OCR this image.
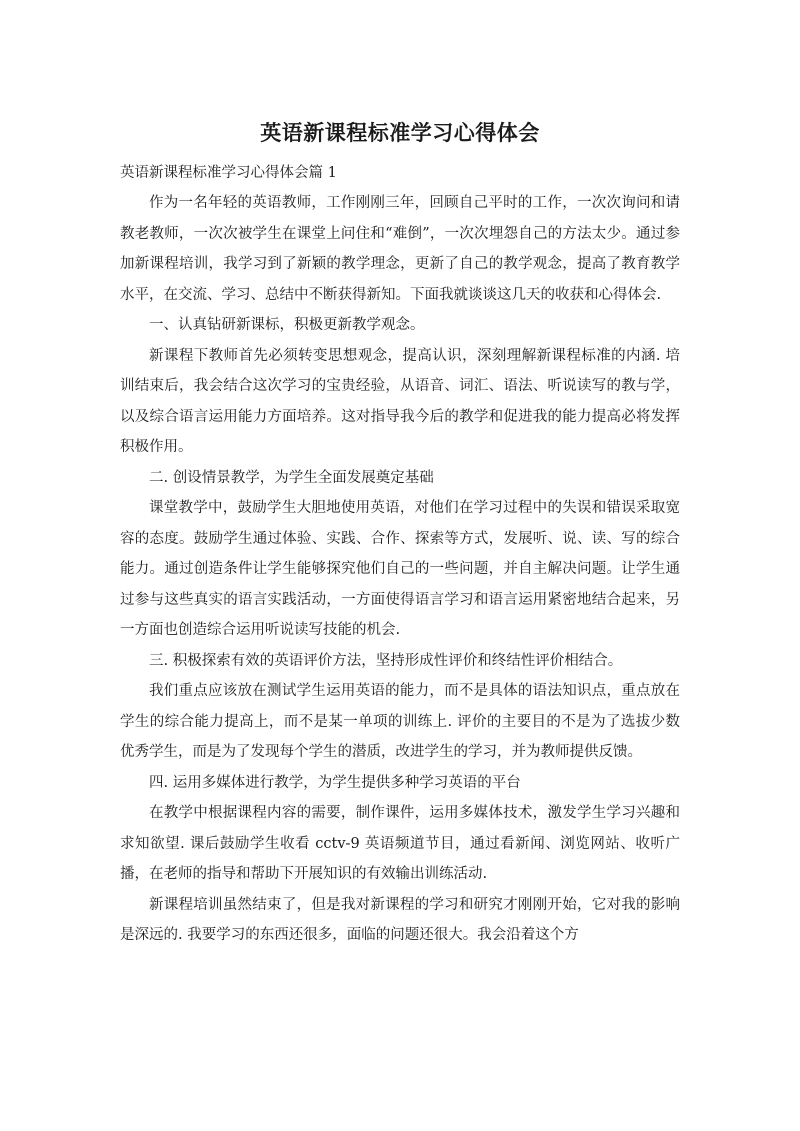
英语新课程标准学习心得体会

英语新课程标准学习心得体会篇 1

作为一名年轻的英语教师，工作刚刚三年，回顾自己平时的工作，一次次询问和请教老教师，一次次被学生在课堂上问住和“难倒”，一次次埋怨自己的方法太少。通过参加新课程培训，我学习到了新颖的教学理念，更新了自己的教学观念，提高了教育教学水平，在交流、学习、总结中不断获得新知。下面我就谈谈这几天的收获和心得体会.

一、认真钻研新课标，积极更新教学观念。

新课程下教师首先必须转变思想观念，提高认识，深刻理解新课程标准的内涵. 培训结束后，我会结合这次学习的宝贵经验，从语音、词汇、语法、听说读写的教与学，以及综合语言运用能力方面培养。这对指导我今后的教学和促进我的能力提高必将发挥积极作用。

二. 创设情景教学，为学生全面发展奠定基础

课堂教学中，鼓励学生大胆地使用英语，对他们在学习过程中的失误和错误采取宽容的态度。鼓励学生通过体验、实践、合作、探索等方式，发展听、说、读、写的综合能力。通过创造条件让学生能够探究他们自己的一些问题，并自主解决问题。让学生通过参与这些真实的语言实践活动，一方面使得语言学习和语言运用紧密地结合起来，另一方面也创造综合运用听说读写技能的机会.

三. 积极探索有效的英语评价方法，坚持形成性评价和终结性评价相结合。

我们重点应该放在测试学生运用英语的能力，而不是具体的语法知识点，重点放在学生的综合能力提高上，而不是某一单项的训练上. 评价的主要目的不是为了选拔少数优秀学生，而是为了发现每个学生的潜质，改进学生的学习，并为教师提供反馈。

四. 运用多媒体进行教学，为学生提供多种学习英语的平台

在教学中根据课程内容的需要，制作课件，运用多媒体技术，激发学生学习兴趣和求知欲望. 课后鼓励学生收看 cctv-9 英语频道节目，通过看新闻、浏览网站、收听广播，在老师的指导和帮助下开展知识的有效输出训练活动.

新课程培训虽然结束了，但是我对新课程的学习和研究才刚刚开始，它对我的影响是深远的. 我要学习的东西还很多，面临的问题还很大。我会沿着这个方
